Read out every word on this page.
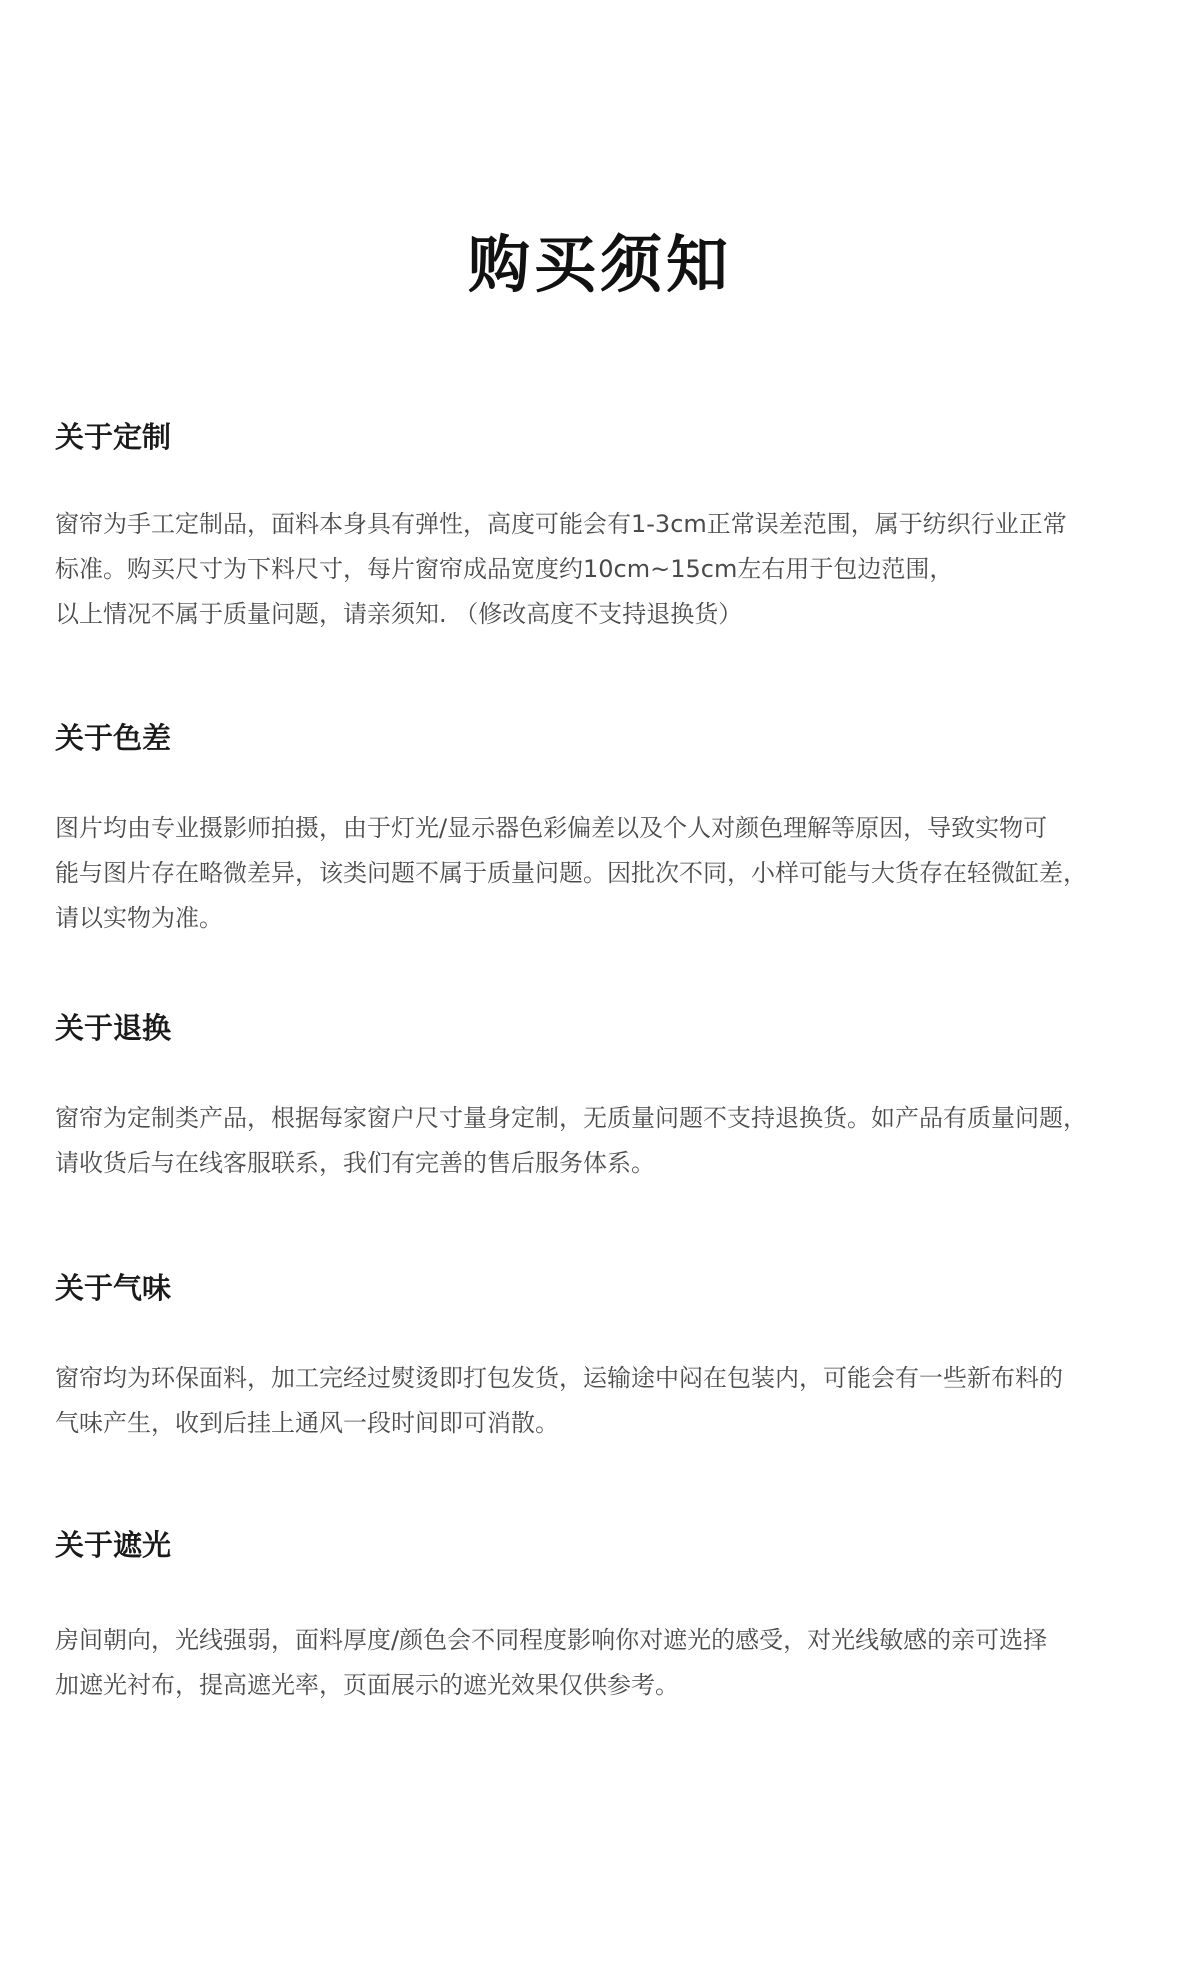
购买须知
关于定制

窗帘为手工定制品，面料本身具有弹性，高度可能会有1-3cm正常误差范围，属于纺织行业正常
标准。购买尺寸为下料尺寸，每片窗帘成品宽度约10cm~15cm左右用于包边范围，
以上情况不属于质量问题，请亲须知. （修改高度不支持退换货）

关于色差

图片均由专业摄影师拍摄，由于灯光/显示器色彩偏差以及个人对颜色理解等原因，导致实物可
能与图片存在略微差异，该类问题不属于质量问题。因批次不同，小样可能与大货存在轻微缸差，
请以实物为准。

关于退换

窗帘为定制类产品，根据每家窗户尺寸量身定制，无质量问题不支持退换货。如产品有质量问题，
请收货后与在线客服联系，我们有完善的售后服务体系。

关于气味

窗帘均为环保面料，加工完经过熨烫即打包发货，运输途中闷在包装内，可能会有一些新布料的
气味产生，收到后挂上通风一段时间即可消散。

关于遮光

房间朝向，光线强弱，面料厚度/颜色会不同程度影响你对遮光的感受，对光线敏感的亲可选择
加遮光衬布，提高遮光率，页面展示的遮光效果仅供参考。
